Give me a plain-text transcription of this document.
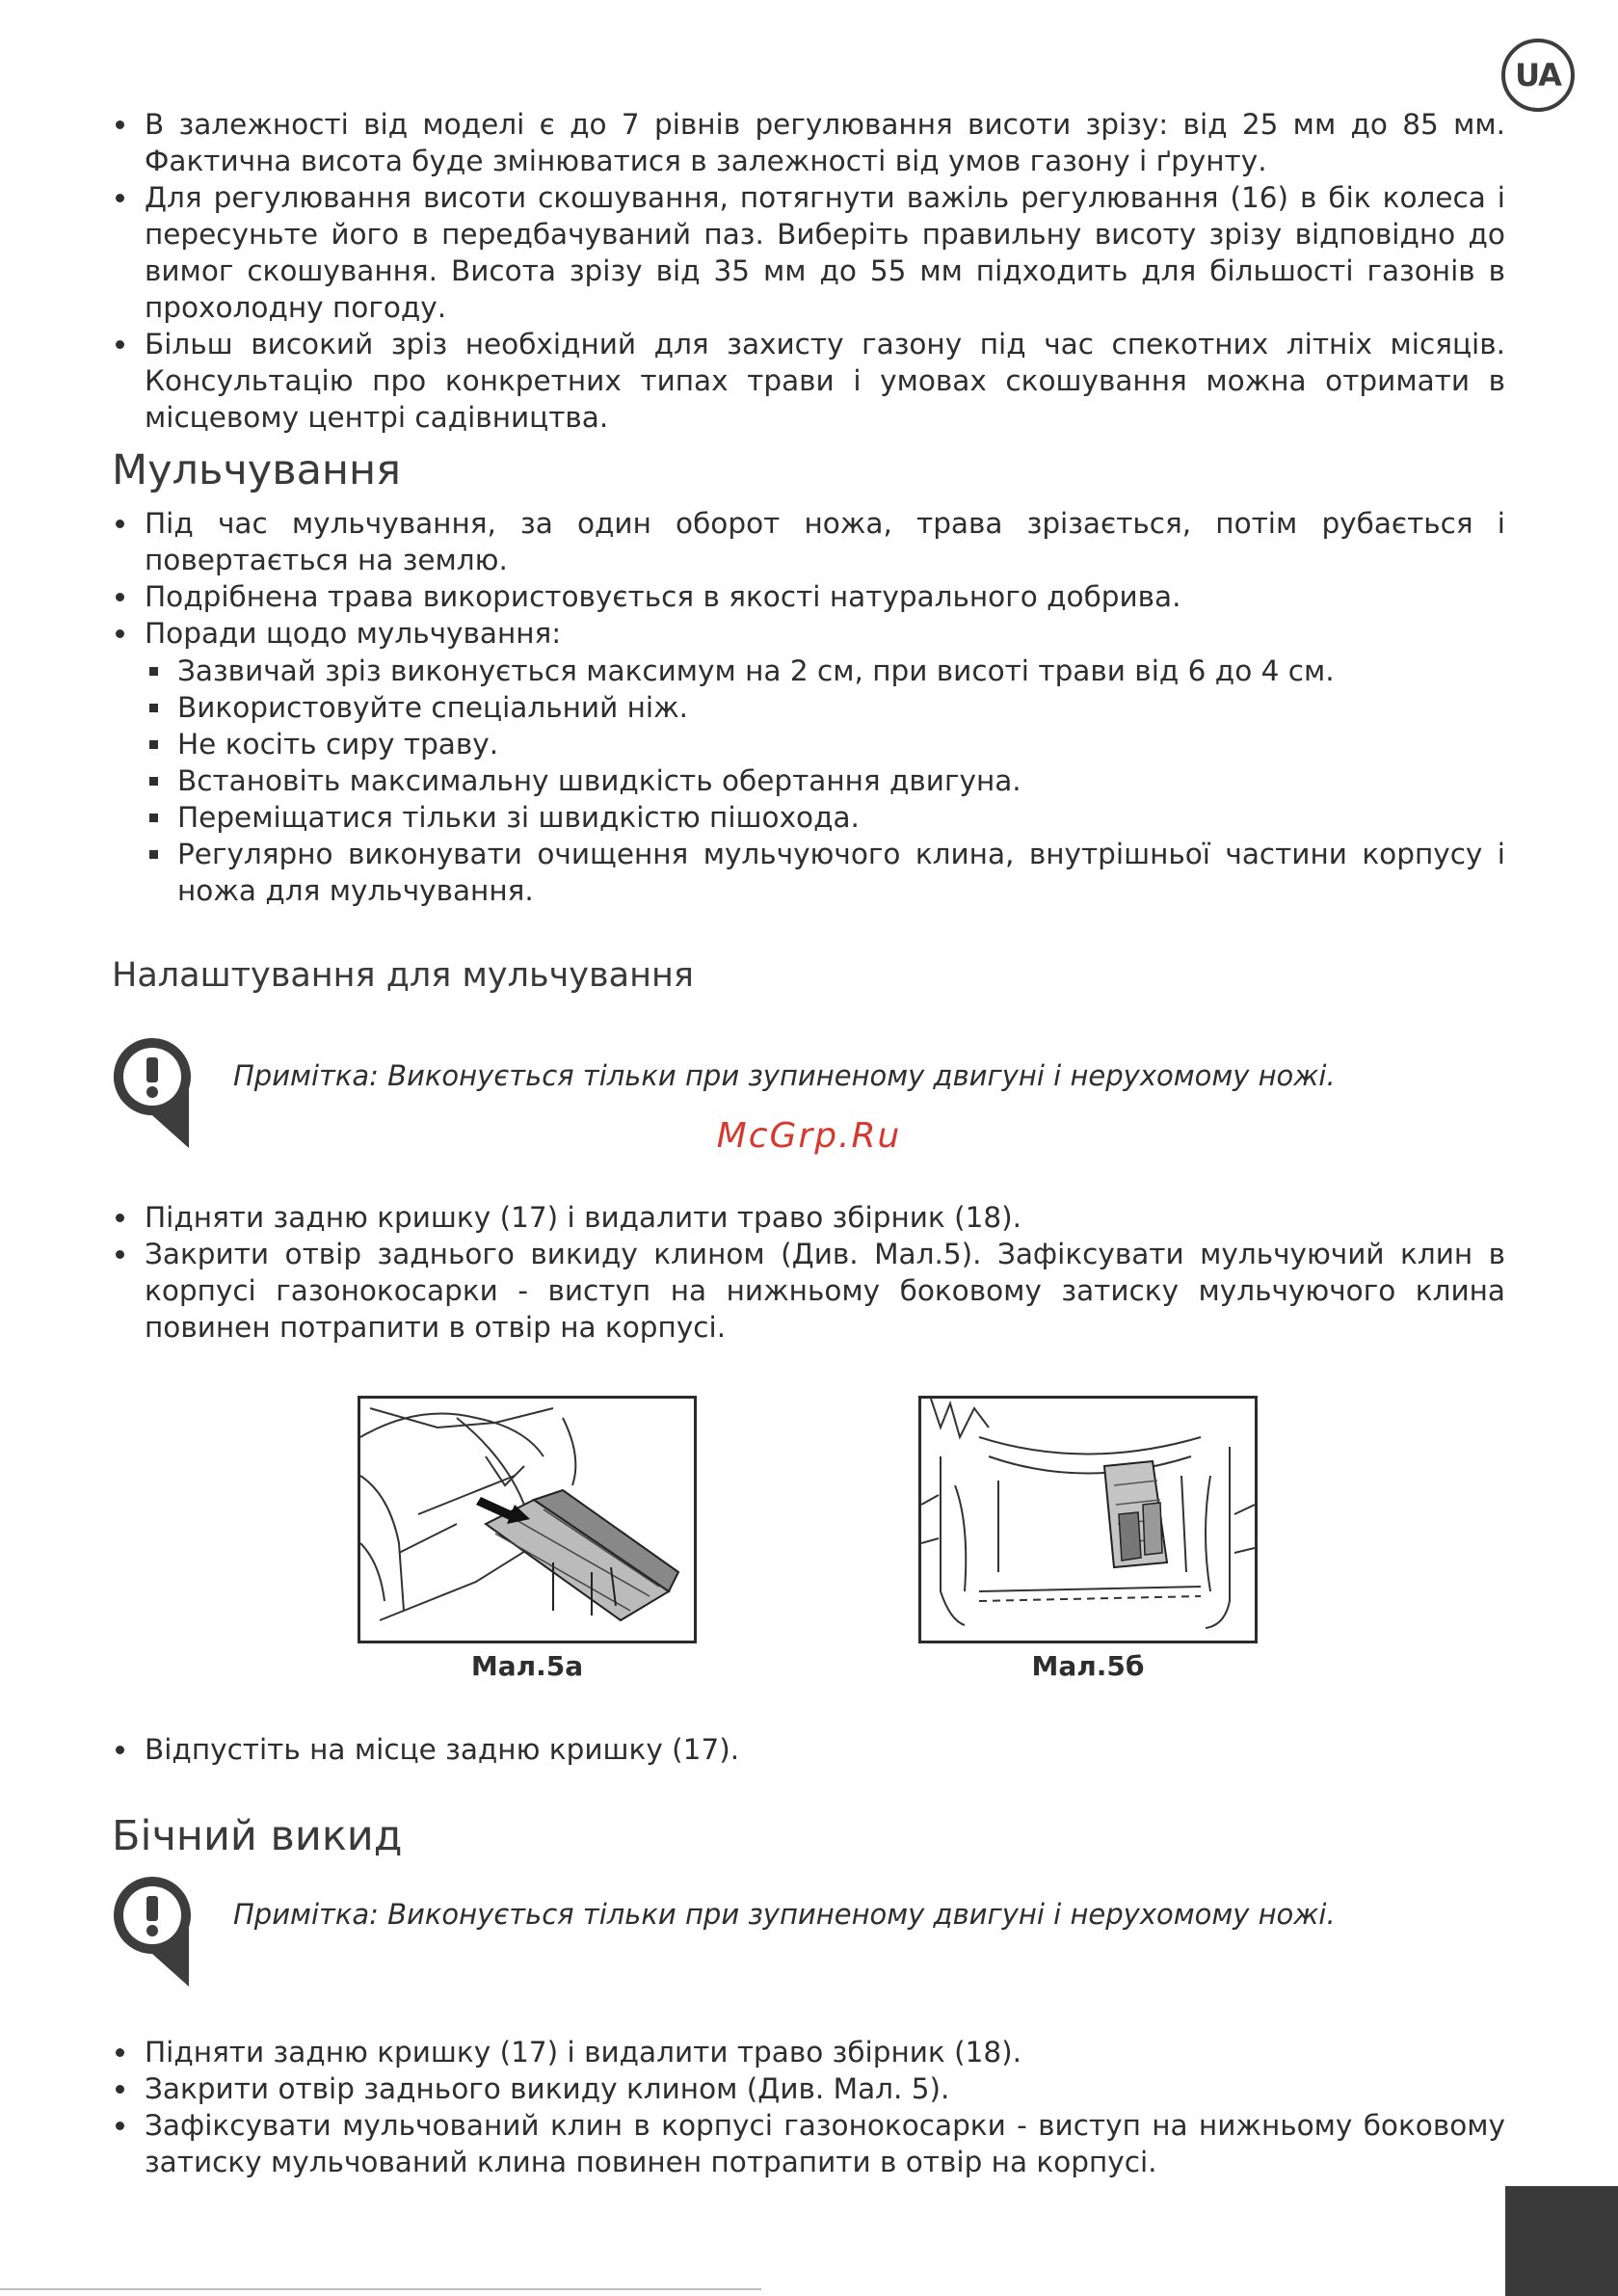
UA
В залежності від моделі є до 7 рівнів регулювання висоти зрізу: від 25 мм до 85 мм. Фактична висота буде змінюватися в залежності від умов газону і ґрунту.
Для регулювання висоти скошування, потягнути важіль регулювання (16) в бік колеса і пересуньте його в передбачуваний паз. Виберіть правильну висоту зрізу відповідно до вимог скошування. Висота зрізу від 35 мм до 55 мм підходить для більшості газонів в прохолодну погоду.
Більш високий зріз необхідний для захисту газону під час спекотних літніх місяців. Консультацію про конкретних типах трави і умовах скошування можна отримати в місцевому центрі садівництва.
Мульчування
Під час мульчування, за один оборот ножа, трава зрізається, потім рубається і повертається на землю.
Подрібнена трава використовується в якості натурального добрива.
Поради щодо мульчування:
Зазвичай зріз виконується максимум на 2 см, при висоті трави від 6 до 4 см.
Використовуйте спеціальний ніж.
Не косіть сиру траву.
Встановіть максимальну швидкість обертання двигуна.
Переміщатися тільки зі швидкістю пішохода.
Регулярно виконувати очищення мульчуючого клина, внутрішньої частини корпусу і ножа для мульчування.
Налаштування для мульчування
Підняти задню кришку (17) і видалити траво збірник (18).
Закрити отвір заднього викиду клином (Див. Мал.5). Зафіксувати мульчуючий клин в корпусі газонокосарки - виступ на нижньому боковому затиску мульчуючого клина повинен потрапити в отвір на корпусі.
Відпустіть на місце задню кришку (17).
Бічний викид
Підняти задню кришку (17) і видалити траво збірник (18).
Закрити отвір заднього викиду клином (Див. Мал. 5).
Зафіксувати мульчований клин в корпусі газонокосарки - виступ на нижньому боковому затиску мульчований клина повинен потрапити в отвір на корпусі.
Примітка: Виконується тільки при зупиненому двигуні і нерухомому ножі.
McGrp.Ru
Мал.5а	Мал.5б
Примітка: Виконується тільки при зупиненому двигуні і нерухомому ножі.
